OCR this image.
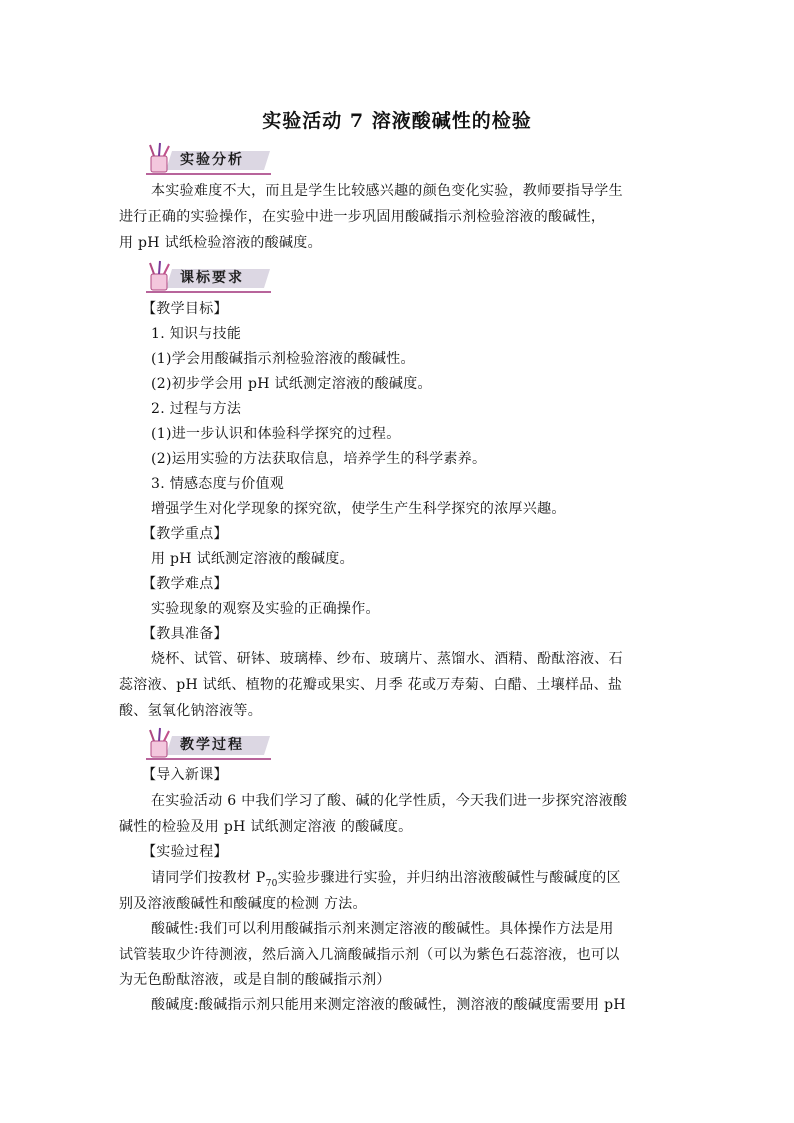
实验活动 7 溶液酸碱性的检验
实验分析
本实验难度不大，而且是学生比较感兴趣的颜色变化实验，教师要指导学生
进行正确的实验操作，在实验中进一步巩固用酸碱指示剂检验溶液的酸碱性，
用 pH 试纸检验溶液的酸碱度。
课标要求
【教学目标】
1. 知识与技能
(1)学会用酸碱指示剂检验溶液的酸碱性。
(2)初步学会用 pH 试纸测定溶液的酸碱度。
2. 过程与方法
(1)进一步认识和体验科学探究的过程。
(2)运用实验的方法获取信息，培养学生的科学素养。
3. 情感态度与价值观
增强学生对化学现象的探究欲，使学生产生科学探究的浓厚兴趣。
【教学重点】
用 pH 试纸测定溶液的酸碱度。
【教学难点】
实验现象的观察及实验的正确操作。
【教具准备】
烧杯、试管、研钵、玻璃棒、纱布、玻璃片、蒸馏水、酒精、酚酞溶液、石
蕊溶液、pH 试纸、植物的花瓣或果实、月季 花或万寿菊、白醋、土壤样品、盐
酸、氢氧化钠溶液等。
教学过程
【导入新课】
在实验活动 6 中我们学习了酸、碱的化学性质，今天我们进一步探究溶液酸
碱性的检验及用 pH 试纸测定溶液 的酸碱度。
【实验过程】
请同学们按教材 $P_{70}$实验步骤进行实验，并归纳出溶液酸碱性与酸碱度的区
别及溶液酸碱性和酸碱度的检测 方法。
酸碱性:我们可以利用酸碱指示剂来测定溶液的酸碱性。具体操作方法是用
试管装取少许待测液，然后滴入几滴酸碱指示剂（可以为紫色石蕊溶液，也可以
为无色酚酞溶液，或是自制的酸碱指示剂）
酸碱度:酸碱指示剂只能用来测定溶液的酸碱性，测溶液的酸碱度需要用 pH
